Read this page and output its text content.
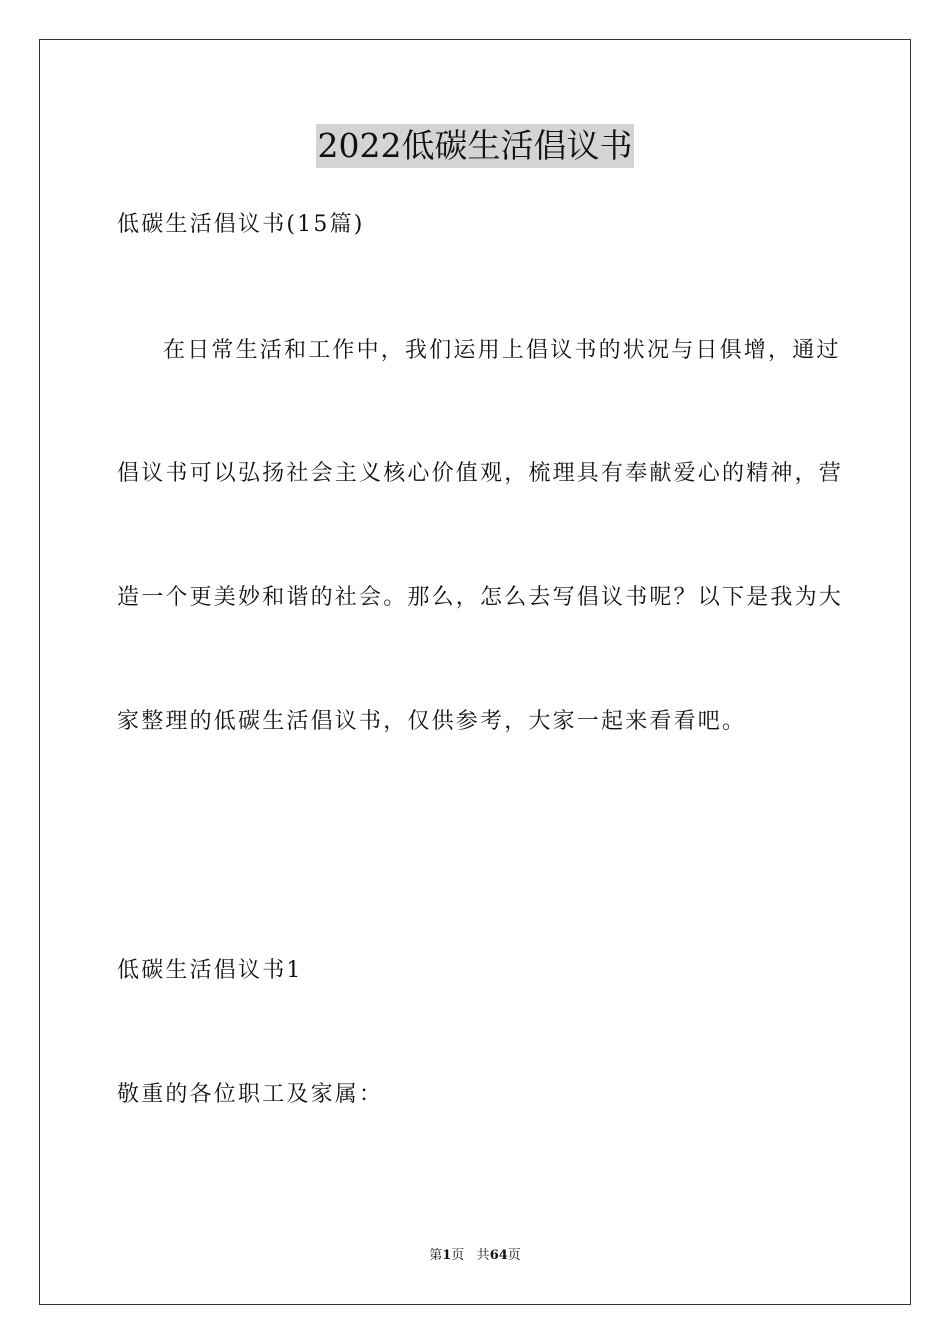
2022低碳生活倡议书
低碳生活倡议书(15篇)
在日常生活和工作中，我们运用上倡议书的状况与日俱增，通过
倡议书可以弘扬社会主义核心价值观，梳理具有奉献爱心的精神，营
造一个更美妙和谐的社会。那么，怎么去写倡议书呢？以下是我为大
家整理的低碳生活倡议书，仅供参考，大家一起来看看吧。
低碳生活倡议书1
敬重的各位职工及家属：
第1页 共64页
